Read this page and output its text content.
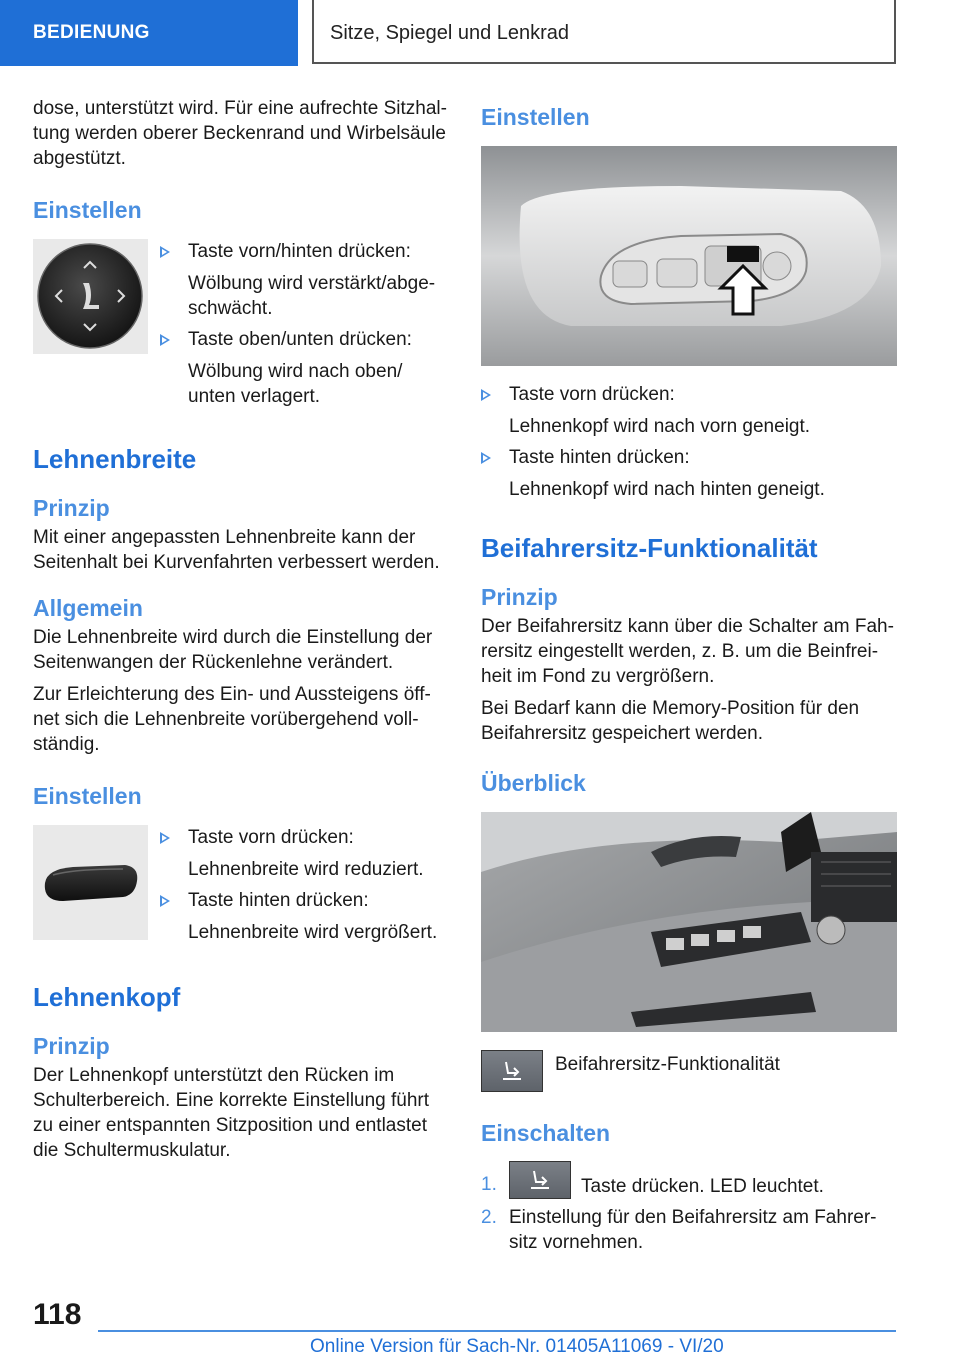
BEDIENUNG	Sitze, Spiegel und Lenkrad

dose, unterstützt wird. Für eine aufrechte Sitzhal-tung werden oberer Beckenrand und Wirbelsäule abgestützt.

Einstellen

Taste vorn/hinten drücken:

Wölbung wird verstärkt/abge-schwächt.

Taste oben/unten drücken:

Wölbung wird nach oben/ unten verlagert.

Lehnenbreite
Prinzip

Mit einer angepassten Lehnenbreite kann der Seitenhalt bei Kurvenfahrten verbessert werden.

Allgemein

Die Lehnenbreite wird durch die Einstellung der Seitenwangen der Rückenlehne verändert.

Zur Erleichterung des Ein- und Aussteigens öff-net sich die Lehnenbreite vorübergehend voll-ständig.

Einstellen

Taste vorn drücken:

Lehnenbreite wird reduziert.

Taste hinten drücken:

Lehnenbreite wird vergrößert.

Lehnenkopf
Prinzip

Der Lehnenkopf unterstützt den Rücken im Schulterbereich. Eine korrekte Einstellung führt zu einer entspannten Sitzposition und entlastet die Schultermuskulatur.

Einstellen

Taste vorn drücken:

Lehnenkopf wird nach vorn geneigt.

Taste hinten drücken:

Lehnenkopf wird nach hinten geneigt.

Beifahrersitz-Funktionalität
Prinzip

Der Beifahrersitz kann über die Schalter am Fah-rersitz eingestellt werden, z. B. um die Beinfrei-heit im Fond zu vergrößern.

Bei Bedarf kann die Memory-Position für den Beifahrersitz gespeichert werden.

Überblick

Beifahrersitz-Funktionalität

Einschalten
1.	Taste drücken. LED leuchtet.

2. Einstellung für den Beifahrersitz am Fahrer-sitz vornehmen.

118
Online Version für Sach-Nr. 01405A11069 - VI/20
